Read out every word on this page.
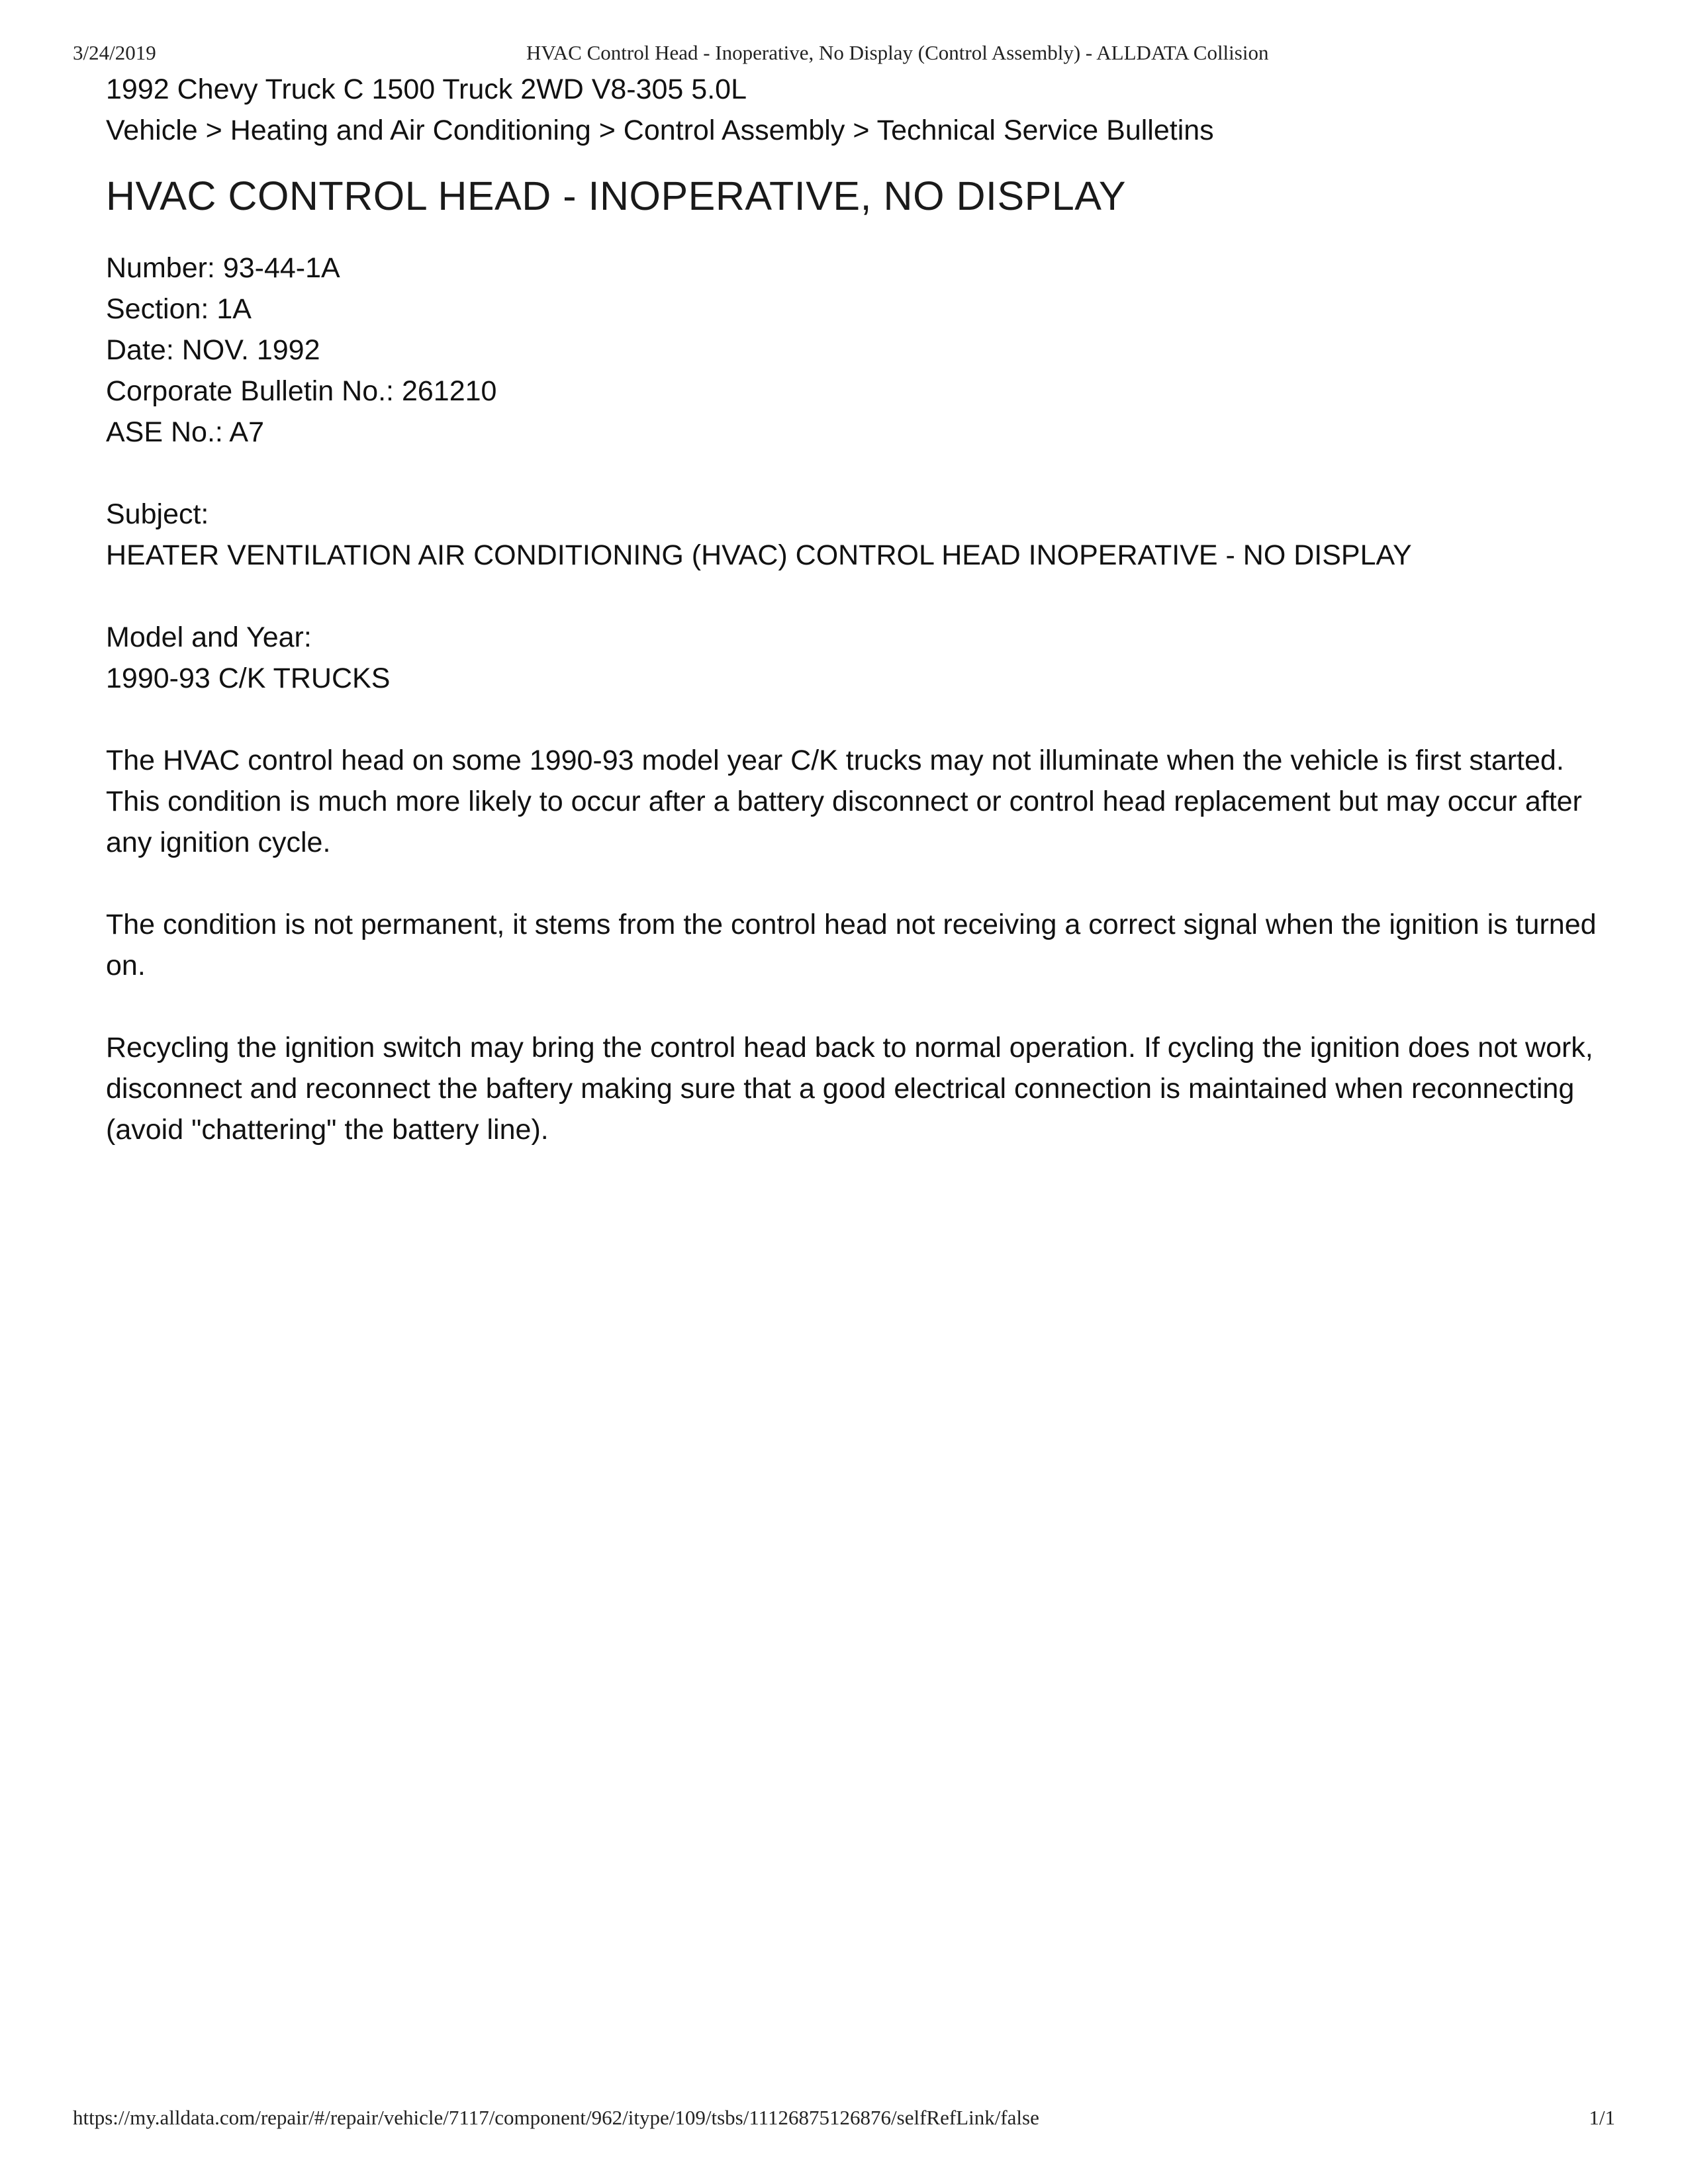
3/24/2019	HVAC Control Head - Inoperative, No Display (Control Assembly) - ALLDATA Collision

1992 Chevy Truck C 1500 Truck 2WD V8-305 5.0L

Vehicle > Heating and Air Conditioning > Control Assembly > Technical Service Bulletins

HVAC CONTROL HEAD - INOPERATIVE, NO DISPLAY
Number: 93-44-1A
Section: 1A
Date: NOV. 1992
Corporate Bulletin No.: 261210
ASE No.: A7

Subject:

HEATER VENTILATION AIR CONDITIONING (HVAC) CONTROL HEAD INOPERATIVE - NO DISPLAY

Model and Year:

1990-93 C/K TRUCKS

The HVAC control head on some 1990-93 model year C/K trucks may not illuminate when the vehicle is first started. This condition is much more likely to occur after a battery disconnect or control head replacement but may occur after any ignition cycle.

The condition is not permanent, it stems from the control head not receiving a correct signal when the ignition is turned on.

Recycling the ignition switch may bring the control head back to normal operation. If cycling the ignition does not work, disconnect and reconnect the baftery making sure that a good electrical connection is maintained when reconnecting (avoid "chattering" the battery line).

https://my.alldata.com/repair/#/repair/vehicle/7117/component/962/itype/109/tsbs/11126875126876/selfRefLink/false	1/1
